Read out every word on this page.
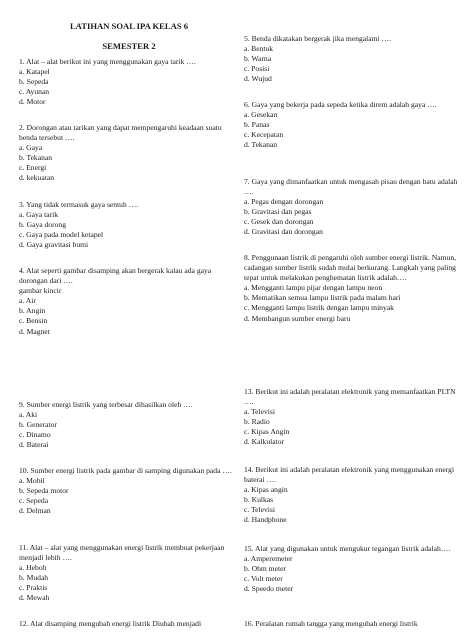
LATIHAN SOAL IPA KELAS 6
SEMESTER 2

1. Alat – alat berikut ini yang menggunakan gaya tarik ….

a. Katapel
b. Sepeda
c. Ayunan
d. Motor

2. Dorongan atau tarikan yang dapat mempengaruhi keadaan suatu benda tersebut ….

a. Gaya
b. Tekanan
c. Energi
d. kekuatan

3. Yang tidak termasuk gaya sentuh ….

a. Gaya tarik
b. Gaya dorong
c. Gaya pada model ketapel
d. Gaya gravitasi bumi

4. Alat seperti gambar disamping akan bergerak kalau ada gaya dorongan dari ….

gambar kincir
a. Air
b. Angin
c. Bensin
d. Magnet

9. Sumber energi listrik yang terbesar dihasilkan oleh ….

a. Aki
b. Generator
c. Dinamo
d. Baterai

10. Sumber energi listrik pada gambar di samping digunakan pada ….

a. Mobil
b. Sepeda motor
c. Sepeda
d. Delman

11. Alat – alat yang menggunakan energi listrik membuat pekerjaan menjadi lebih ….

a. Heboh
b. Mudah
c. Praktis
d. Mewah

12. Alat disamping mengubah energi listrik Diubah menjadi

5. Benda dikatakan bergerak jika mengalami ….

a. Bentuk
b. Warna
c. Posisi
d. Wujud

6. Gaya yang bekerja pada sepeda ketika direm adalah gaya ….

a. Gesekan
b. Panas
c. Kecepatan
d. Tekanan

7. Gaya yang dimanfaatkan untuk mengasah pisau dengan batu adalah ….

a. Pegas dengan dorongan
b. Gravitasi dan pegas
c. Gesek dan dorongan
d. Gravitasi dan dorongan

8. Penggunaan listrik di pengaruhi oleh sumber energi listrik. Namun, cadangan sumber listrik sudah mulai berkurang. Langkah yang paling tepat untuk melakukan penghematan listrik adalah….

a. Mengganti lampu pijar dengan lampu neon
b. Mematikan semua lampu listrik pada malam hari
c. Mengganti lampu listrik dengan lampu minyak
d. Membangun sumber energi baru

13. Berikut ini adalah peralatan elektronik yang memanfaatkan PLTN ….

a. Televisi
b. Radio
c. Kipas Angin
d. Kalkulator

14. Berikut ini adalah peralatan elektronik yang menggunakan energi baterai ….

a. Kipas angin
b. Kulkas
c. Televisi
d. Handphone

15. Alat yang digunakan untuk mengukur tegangan listrik adalah….

a. Amperemeter
b. Ohm meter
c. Volt meter
d. Speedo meter

16. Peralatan rumah tangga yang mengubah energi listrik
